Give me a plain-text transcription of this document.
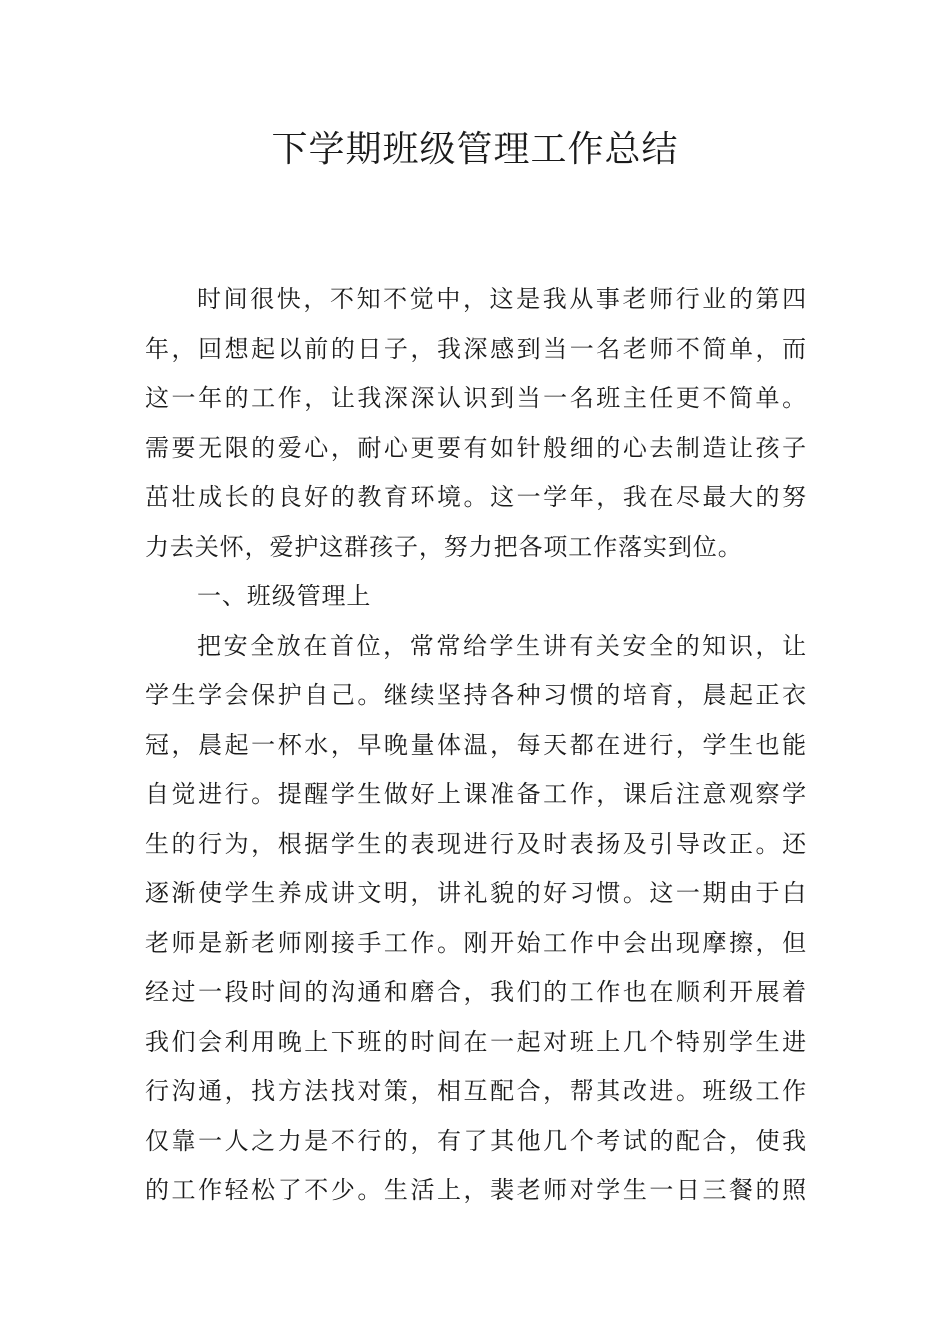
下学期班级管理工作总结
时间很快，不知不觉中，这是我从事老师行业的第四
年，回想起以前的日子，我深感到当一名老师不简单，而
这一年的工作，让我深深认识到当一名班主任更不简单。
需要无限的爱心，耐心更要有如针般细的心去制造让孩子
茁壮成长的良好的教育环境。这一学年，我在尽最大的努
力去关怀，爱护这群孩子，努力把各项工作落实到位。
一、班级管理上
把安全放在首位，常常给学生讲有关安全的知识，让
学生学会保护自己。继续坚持各种习惯的培育，晨起正衣
冠，晨起一杯水，早晚量体温，每天都在进行，学生也能
自觉进行。提醒学生做好上课准备工作，课后注意观察学
生的行为，根据学生的表现进行及时表扬及引导改正。还
逐渐使学生养成讲文明，讲礼貌的好习惯。这一期由于白
老师是新老师刚接手工作。刚开始工作中会出现摩擦，但
经过一段时间的沟通和磨合，我们的工作也在顺利开展着
我们会利用晚上下班的时间在一起对班上几个特别学生进
行沟通，找方法找对策，相互配合，帮其改进。班级工作
仅靠一人之力是不行的，有了其他几个考试的配合，使我
的工作轻松了不少。生活上，裴老师对学生一日三餐的照
